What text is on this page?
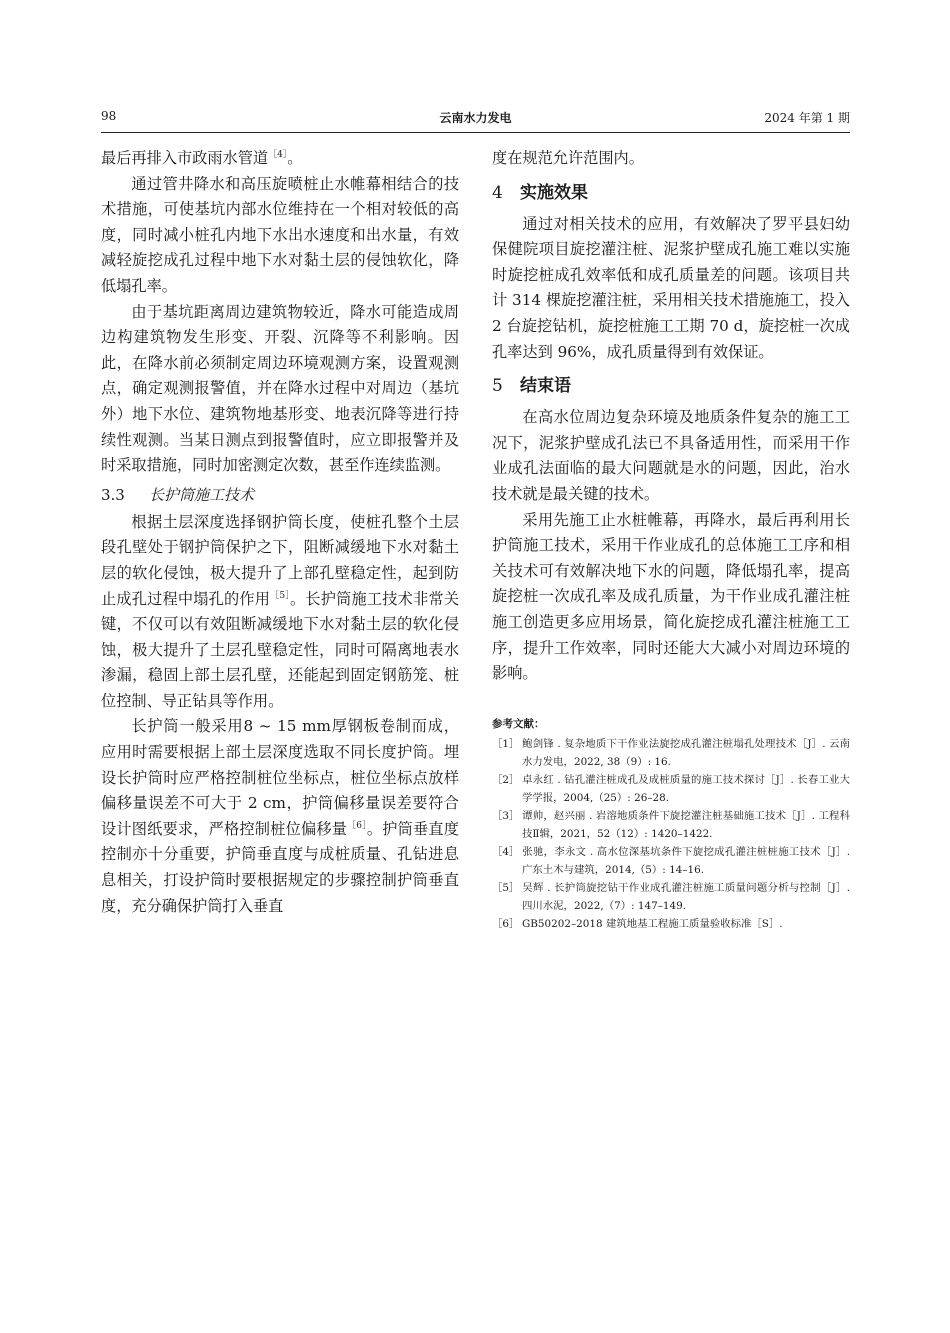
98	云南水力发电	2024 年第 1 期

最后再排入市政雨水管道$^{[4]}$。

通过管井降水和高压旋喷桩止水帷幕相结合的技术措施，可使基坑内部水位维持在一个相对较低的高度，同时减小桩孔内地下水出水速度和出水量，有效减轻旋挖成孔过程中地下水对黏土层的侵蚀软化，降低塌孔率。

由于基坑距离周边建筑物较近，降水可能造成周边构建筑物发生形变、开裂、沉降等不利影响。因此，在降水前必须制定周边环境观测方案，设置观测点，确定观测报警值，并在降水过程中对周边（基坑外）地下水位、建筑物地基形变、地表沉降等进行持续性观测。当某日测点到报警值时，应立即报警并及时采取措施，同时加密测定次数，甚至作连续监测。

3.3 长护筒施工技术

根据土层深度选择钢护筒长度，使桩孔整个土层段孔壁处于钢护筒保护之下，阻断减缓地下水对黏土层的软化侵蚀，极大提升了上部孔壁稳定性，起到防止成孔过程中塌孔的作用$^{[5]}$。长护筒施工技术非常关键，不仅可以有效阻断减缓地下水对黏土层的软化侵蚀，极大提升了土层孔壁稳定性，同时可隔离地表水渗漏，稳固上部土层孔壁，还能起到固定钢筋笼、桩位控制、导正钻具等作用。

长护筒一般采用8 ~ 15 mm厚钢板卷制而成，应用时需要根据上部土层深度选取不同长度护筒。埋设长护筒时应严格控制桩位坐标点，桩位坐标点放样偏移量误差不可大于 2 cm，护筒偏移量误差要符合设计图纸要求，严格控制桩位偏移量$^{[6]}$。护筒垂直度控制亦十分重要，护筒垂直度与成桩质量、孔钻进息息相关，打设护筒时要根据规定的步骤控制护筒垂直度，充分确保护筒打入垂直

度在规范允许范围内。

4 实施效果

通过对相关技术的应用，有效解决了罗平县妇幼保健院项目旋挖灌注桩、泥浆护壁成孔施工难以实施时旋挖桩成孔效率低和成孔质量差的问题。该项目共计 314 棵旋挖灌注桩，采用相关技术措施施工，投入 2 台旋挖钻机，旋挖桩施工工期 70 d，旋挖桩一次成孔率达到 96%，成孔质量得到有效保证。

5 结束语

在高水位周边复杂环境及地质条件复杂的施工工况下，泥浆护壁成孔法已不具备适用性，而采用干作业成孔法面临的最大问题就是水的问题，因此，治水技术就是最关键的技术。

采用先施工止水桩帷幕，再降水，最后再利用长护筒施工技术，采用干作业成孔的总体施工工序和相关技术可有效解决地下水的问题，降低塌孔率，提高旋挖桩一次成孔率及成孔质量，为干作业成孔灌注桩施工创造更多应用场景，简化旋挖成孔灌注桩施工工序，提升工作效率，同时还能大大减小对周边环境的影响。

参考文献：

［1］ 鲍剑锋 . 复杂地质下干作业法旋挖成孔灌注桩塌孔处理技术［J］. 云南水力发电，2022, 38（9）: 16.

［2］ 卓永红 . 钻孔灌注桩成孔及成桩质量的施工技术探讨［J］. 长春工业大学学报，2004,（25）: 26–28.

［3］ 谭帅，赵兴丽 . 岩溶地质条件下旋挖灌注桩基础施工技术［J］. 工程科技Ⅱ辑，2021，52（12）: 1420–1422.

［4］ 张驰，李永文 . 高水位深基坑条件下旋挖成孔灌注桩桩施工技术［J］. 广东土木与建筑，2014,（5）: 14–16.

［5］ 吴辉 . 长护筒旋挖钻干作业成孔灌注桩施工质量问题分析与控制［J］. 四川水泥，2022,（7）: 147–149.

［6］ GB50202–2018 建筑地基工程施工质量验收标准［S］.
